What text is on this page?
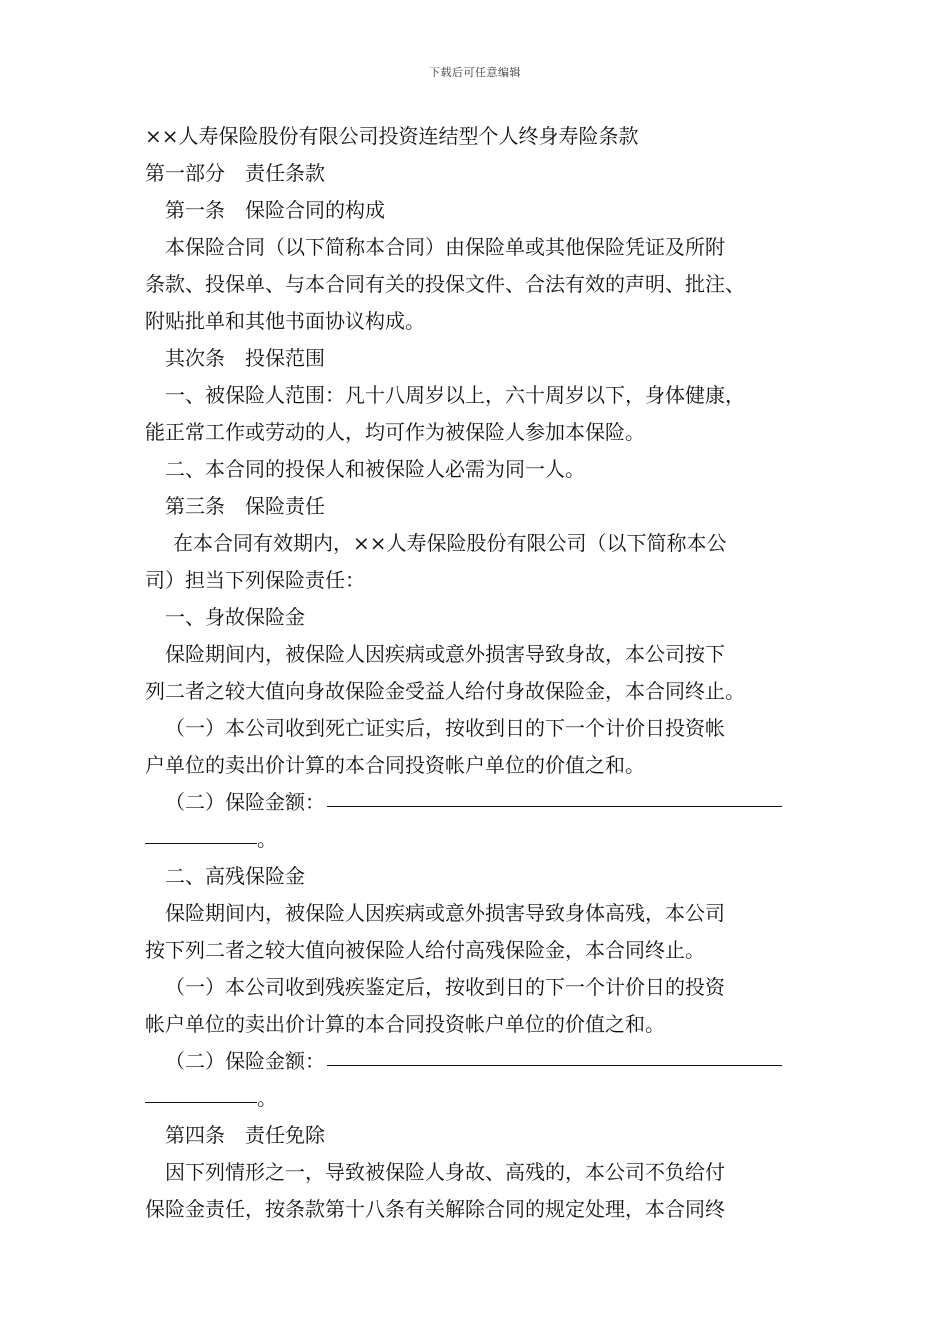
下载后可任意编辑

××人寿保险股份有限公司投资连结型个人终身寿险条款

第一部分　责任条款

第一条　保险合同的构成

本保险合同（以下简称本合同）由保险单或其他保险凭证及所附

条款、投保单、与本合同有关的投保文件、合法有效的声明、批注、

附贴批单和其他书面协议构成。

其次条　投保范围

一、被保险人范围：凡十八周岁以上，六十周岁以下，身体健康，

能正常工作或劳动的人，均可作为被保险人参加本保险。

二、本合同的投保人和被保险人必需为同一人。

第三条　保险责任

在本合同有效期内，××人寿保险股份有限公司（以下简称本公

司）担当下列保险责任：

一、身故保险金

保险期间内，被保险人因疾病或意外损害导致身故，本公司按下

列二者之较大值向身故保险金受益人给付身故保险金，本合同终止。

（一）本公司收到死亡证实后，按收到日的下一个计价日投资帐

户单位的卖出价计算的本合同投资帐户单位的价值之和。

（二）保险金额：

。

二、高残保险金

保险期间内，被保险人因疾病或意外损害导致身体高残，本公司

按下列二者之较大值向被保险人给付高残保险金，本合同终止。

（一）本公司收到残疾鉴定后，按收到日的下一个计价日的投资

帐户单位的卖出价计算的本合同投资帐户单位的价值之和。

（二）保险金额：

。

第四条　责任免除

因下列情形之一，导致被保险人身故、高残的，本公司不负给付

保险金责任，按条款第十八条有关解除合同的规定处理，本合同终
